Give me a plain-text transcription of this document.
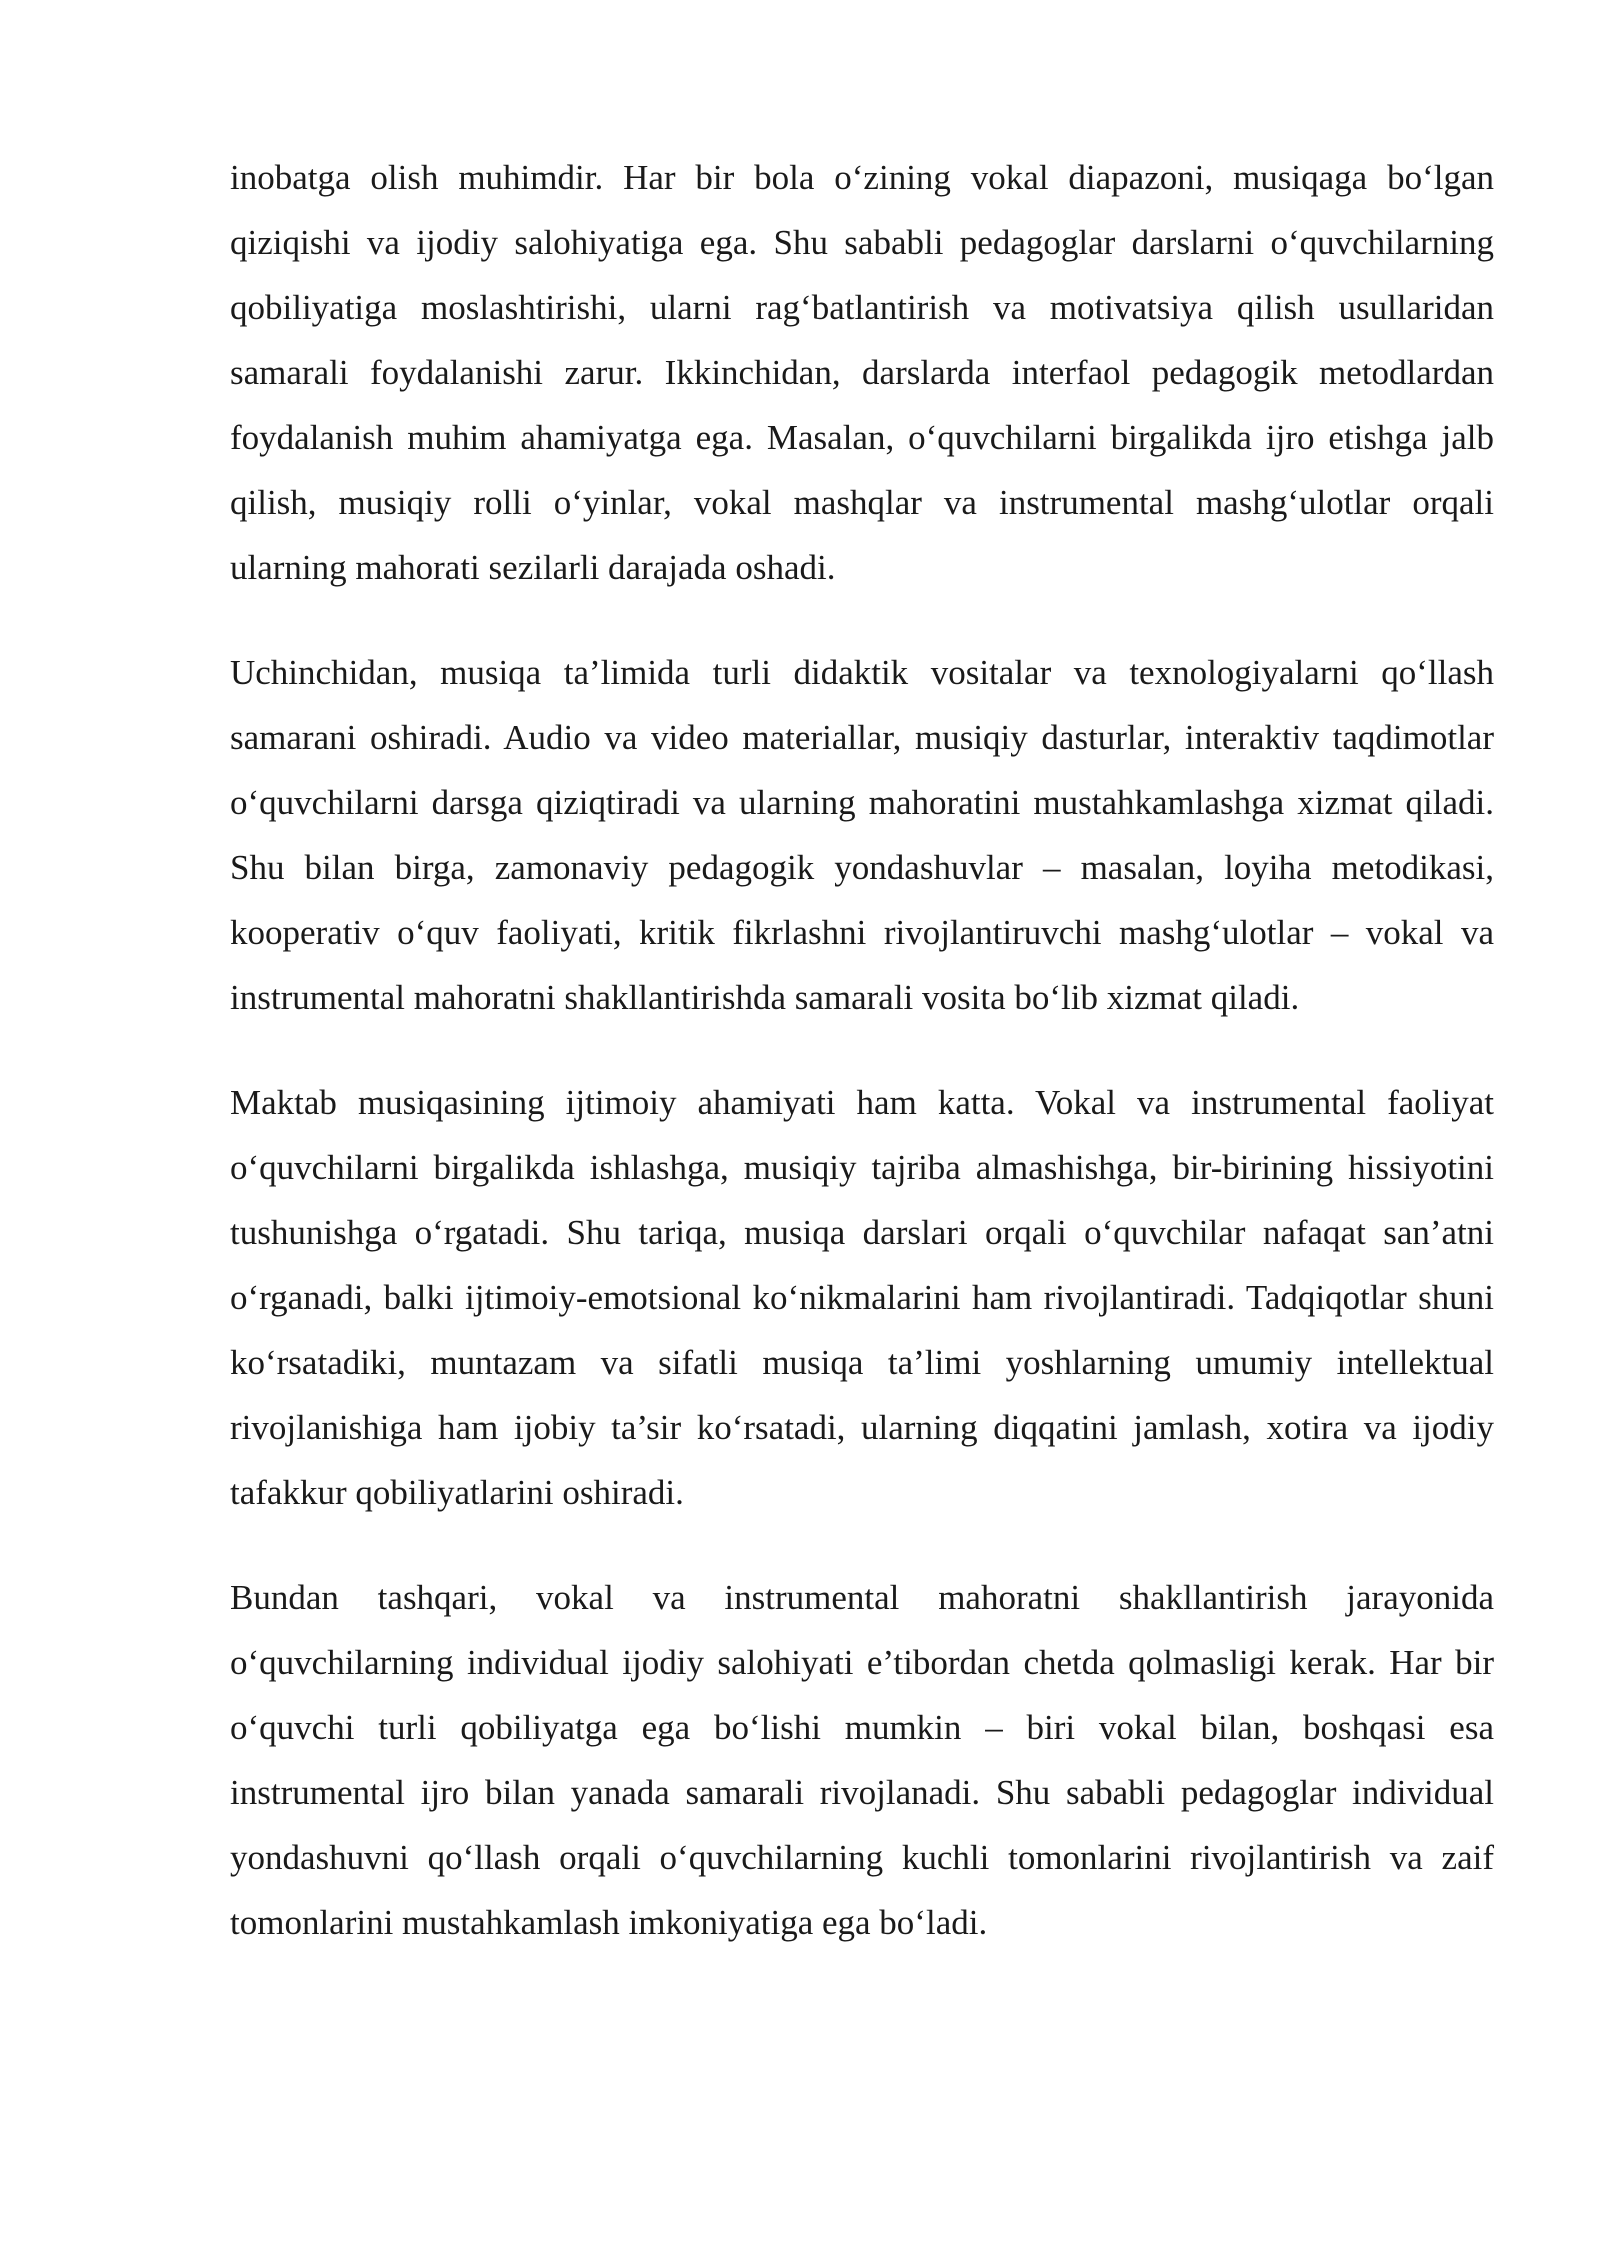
inobatga olish muhimdir. Har bir bola o‘zining vokal diapazoni, musiqaga bo‘lgan qiziqishi va ijodiy salohiyatiga ega. Shu sababli pedagoglar darslarni o‘quvchilarning qobiliyatiga moslashtirishi, ularni rag‘batlantirish va motivatsiya qilish usullaridan samarali foydalanishi zarur. Ikkinchidan, darslarda interfaol pedagogik metodlardan foydalanish muhim ahamiyatga ega. Masalan, o‘quvchilarni birgalikda ijro etishga jalb qilish, musiqiy rolli o‘yinlar, vokal mashqlar va instrumental mashg‘ulotlar orqali ularning mahorati sezilarli darajada oshadi.

Uchinchidan, musiqa ta’limida turli didaktik vositalar va texnologiyalarni qo‘llash samarani oshiradi. Audio va video materiallar, musiqiy dasturlar, interaktiv taqdimotlar o‘quvchilarni darsga qiziqtiradi va ularning mahoratini mustahkamlashga xizmat qiladi. Shu bilan birga, zamonaviy pedagogik yondashuvlar – masalan, loyiha metodikasi, kooperativ o‘quv faoliyati, kritik fikrlashni rivojlantiruvchi mashg‘ulotlar – vokal va instrumental mahoratni shakllantirishda samarali vosita bo‘lib xizmat qiladi.

Maktab musiqasining ijtimoiy ahamiyati ham katta. Vokal va instrumental faoliyat o‘quvchilarni birgalikda ishlashga, musiqiy tajriba almashishga, bir-birining hissiyotini tushunishga o‘rgatadi. Shu tariqa, musiqa darslari orqali o‘quvchilar nafaqat san’atni o‘rganadi, balki ijtimoiy-emotsional ko‘nikmalarini ham rivojlantiradi. Tadqiqotlar shuni ko‘rsatadiki, muntazam va sifatli musiqa ta’limi yoshlarning umumiy intellektual rivojlanishiga ham ijobiy ta’sir ko‘rsatadi, ularning diqqatini jamlash, xotira va ijodiy tafakkur qobiliyatlarini oshiradi.

Bundan tashqari, vokal va instrumental mahoratni shakllantirish jarayonida o‘quvchilarning individual ijodiy salohiyati e’tibordan chetda qolmasligi kerak. Har bir o‘quvchi turli qobiliyatga ega bo‘lishi mumkin – biri vokal bilan, boshqasi esa instrumental ijro bilan yanada samarali rivojlanadi. Shu sababli pedagoglar individual yondashuvni qo‘llash orqali o‘quvchilarning kuchli tomonlarini rivojlantirish va zaif tomonlarini mustahkamlash imkoniyatiga ega bo‘ladi.
